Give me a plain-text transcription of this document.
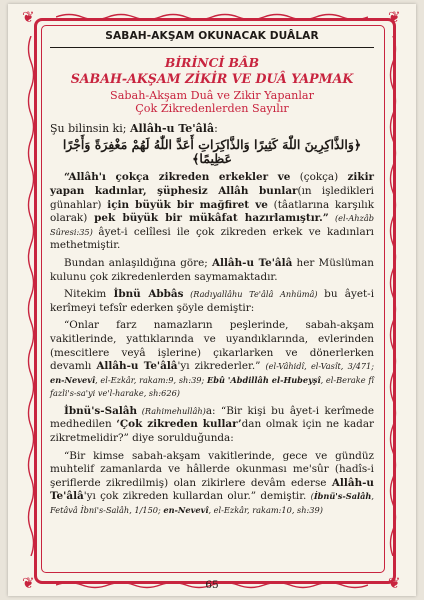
❦	❦
❦	❦
SABAH-AKŞAM OKUNACAK DUÂLAR
BİRİNCİ BÂB
SABAH-AKŞAM ZİKİR VE DUÂ YAPMAK
Sabah-Akşam Duâ ve Zikir Yapanlar
Çok Zikredenlerden Sayılır

Şu bilinsin ki; Allâh-u Te'âlâ:

﴿وَالذَّاكِرِينَ اللّٰهَ كَثِيرًا وَالذَّاكِرَاتِ أَعَدَّ اللّٰهُ لَهُمْ مَغْفِرَةً وَأَجْرًا عَظِيمًا﴾

“Allâh'ı çokça zikreden erkekler ve (çokça) zikir yapan kadınlar, şüphesiz Allâh bunlar(ın işledikleri günahlar) için büyük bir mağfiret ve (tâatlarına karşılık olarak) pek büyük bir mükâfat hazırlamıştır.” (el-Ahzâb Sûresi:35) âyet-i celîlesi ile çok zikreden erkek ve kadınları methetmiştir.

Bundan anlaşıldığına göre; Allâh-u Te'âlâ her Müslüman kulunu çok zikredenlerden saymamaktadır.

Nitekim İbnü Abbâs (Radıyallâhu Te'âlâ Anhümâ) bu âyet-i kerîmeyi tefsîr ederken şöyle demiştir:

“Onlar farz namazların peşlerinde, sabah-akşam vakitlerinde, yattıklarında ve uyandıklarında, evlerinden (mescitlere veyâ işlerine) çıkarlarken ve dönerlerken devamlı Allâh-u Te'âlâ'yı zikrederler.” (el-Vâhidî, el-Vasît, 3/471; en-Nevevî, el-Ezkâr, rakam:9, sh:39; Ebû 'Abdillâh el-Hubeyşî, el-Berake fî fazli's-sa'yi ve'l-harake, sh:626)

İbnü's-Salâh (Rahimehullâh)a: “Bir kişi bu âyet-i kerîmede medhedilen ‘Çok zikreden kullar’dan olmak için ne kadar zikretmelidir?” diye sorulduğunda:

“Bir kimse sabah-akşam vakitlerinde, gece ve gündüz muhtelif zamanlarda ve hâllerde okunması me'sûr (hadîs-i şeriflerde zikredilmiş) olan zikirlere devâm ederse Allâh-u Te'âlâ'yı çok zikreden kullardan olur.” demiştir. (İbnü's-Salâh, Fetâvâ İbni's-Salâh, 1/150; en-Nevevî, el-Ezkâr, rakam:10, sh:39)

65
